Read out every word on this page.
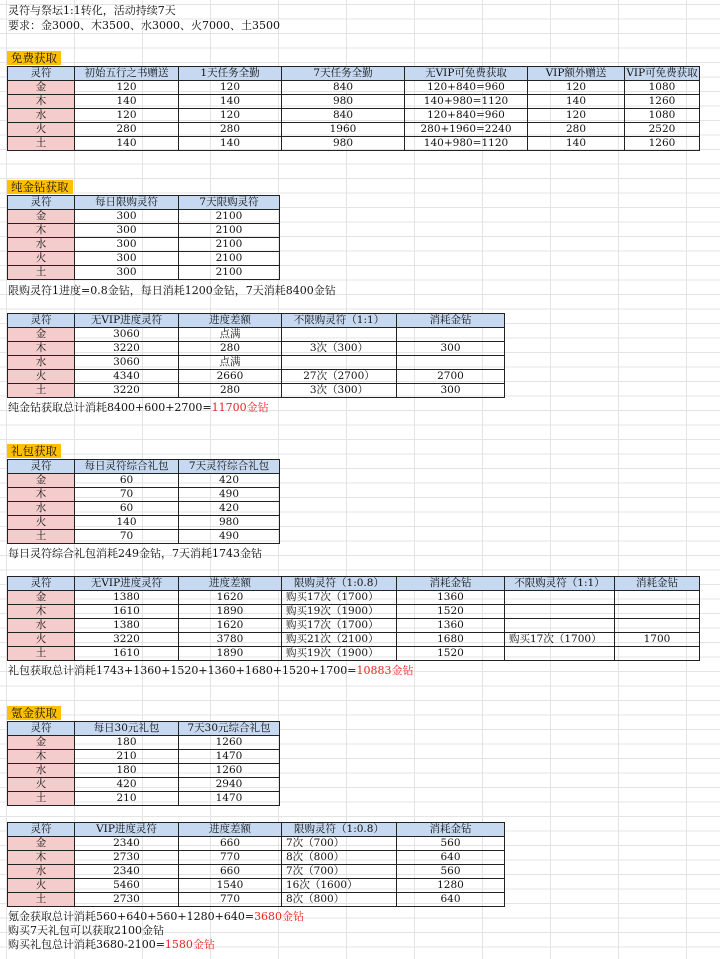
灵符与祭坛1:1转化，活动持续7天
要求：金3000、木3500、水3000、火7000、土3500
免费获取
灵符	初始五行之书赠送	1天任务全勤	7天任务全勤	无VIP可免费获取	VIP额外赠送	VIP可免费获取
金	120	120	840	120+840=960	120	1080
木	140	140	980	140+980=1120	140	1260
水	120	120	840	120+840=960	120	1080
火	280	280	1960	280+1960=2240	280	2520
土	140	140	980	140+980=1120	140	1260
纯金钻获取
灵符	每日限购灵符	7天限购灵符
金	300	2100
木	300	2100
水	300	2100
火	300	2100
土	300	2100
限购灵符1进度=0.8金钻，每日消耗1200金钻，7天消耗8400金钻
灵符	无VIP进度灵符	进度差额	不限购灵符（1:1）	消耗金钻
金	3060	点满		
木	3220	280	3次（300）	300
水	3060	点满		
火	4340	2660	27次（2700）	2700
土	3220	280	3次（300）	300
纯金钻获取总计消耗8400+600+2700=11700金钻
礼包获取
灵符	每日灵符综合礼包	7天灵符综合礼包
金	60	420
木	70	490
水	60	420
火	140	980
土	70	490
每日灵符综合礼包消耗249金钻，7天消耗1743金钻
灵符	无VIP进度灵符	进度差额	限购灵符（1:0.8）	消耗金钻	不限购灵符（1:1）	消耗金钻
金	1380	1620	购买17次（1700）	1360		
木	1610	1890	购买19次（1900）	1520		
水	1380	1620	购买17次（1700）	1360		
火	3220	3780	购买21次（2100）	1680	购买17次（1700）	1700
土	1610	1890	购买19次（1900）	1520		
礼包获取总计消耗1743+1360+1520+1360+1680+1520+1700=10883金钻
氪金获取
灵符	每日30元礼包	7天30元综合礼包
金	180	1260
木	210	1470
水	180	1260
火	420	2940
土	210	1470
灵符	VIP进度灵符	进度差额	限购灵符（1:0.8）	消耗金钻
金	2340	660	7次（700）	560
木	2730	770	8次（800）	640
水	2340	660	7次（700）	560
火	5460	1540	16次（1600）	1280
土	2730	770	8次（800）	640
氪金获取总计消耗560+640+560+1280+640=3680金钻
购买7天礼包可以获取2100金钻
购买礼包总计消耗3680-2100=1580金钻
